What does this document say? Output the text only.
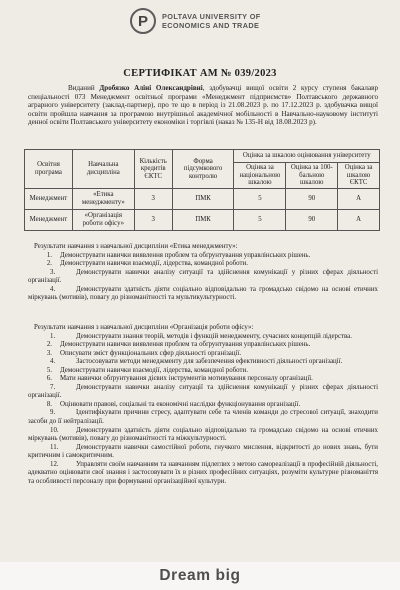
P	POLTAVA UNIVERSITY OF
ECONOMICS AND TRADE
СЕРТИФІКАТ АМ № 039/2023
Виданий Дробязко Аліні Олександрівні, здобувачці вищої освіти 2 курсу ступеня бакалавр спеціальності 073 Менеджмент освітньої програми «Менеджмент підприємств» Полтавського державного аграрного університету (заклад-партнер), про те що в період із 21.08.2023 р. по 17.12.2023 р. здобувачка вищої освіти пройшла навчання за програмою внутрішньої академічної мобільності в Навчально-науковому інституті денної освіти Полтавського університету економіки і торгівлі (наказ № 135-Н від 18.08.2023 р).
Освітня програма	Навчальна дисципліна	Кількість кредитів ЄКТС	Форма підсумкового контролю	Оцінка за шкалою оцінювання університету		
				Оцінка за національною шкалою	Оцінка за 100-бальною шкалою	Оцінка за шкалою ЄКТС
Менеджмент	«Етика менеджменту»	3	ПМК	5	90	А
Менеджмент	«Організація роботи офісу»	3	ПМК	5	90	А
Результати навчання з навчальної дисципліни «Етика менеджменту»:
1.	Демонструвати навички виявлення проблем та обґрунтування управлінських рішень.
2.	Демонструвати навички взаємодії, лідерства, командної роботи.
3.	Демонструвати навички аналізу ситуації та здійснення комунікації у різних сферах діяльності організації.
4.	Демонструвати здатність діяти соціально відповідально та громадсько свідомо на основі етичних міркувань (мотивів), повагу до різноманітності та мультикультурності.
Результати навчання з навчальної дисципліни «Організація роботи офісу»:
1.	Демонструвати знання теорій, методів і функцій менеджменту, сучасних концепцій лідерства.
2.	Демонструвати навички виявлення проблем та обґрунтування управлінських рішень.
3.	Описувати зміст функціональних сфер діяльності організації.
4.	Застосовувати методи менеджменту для забезпечення ефективності діяльності організації.
5.	Демонструвати навички взаємодії, лідерства, командної роботи.
6.	Мати навички обґрунтування дієвих інструментів мотивування персоналу організації.
7.	Демонструвати навички аналізу ситуації та здійснення комунікації у різних сферах діяльності організації.
8.	Оцінювати правові, соціальні та економічні наслідки функціонування організації.
9.	Ідентифікувати причини стресу, адаптувати себе та членів команди до стресової ситуації, знаходити засоби до її нейтралізації.
10.	Демонструвати здатність діяти соціально відповідально та громадсько свідомо на основі етичних міркувань (мотивів), повагу до різноманітності та міжкультурності.
11.	Демонструвати навички самостійної роботи, гнучкого мислення, відкритості до нових знань, бути критичним і самокритичним.
12.	Управляти своїм навчанням та навчанням підлеглих з метою самореалізації в професійній діяльності, адекватно оцінювати свої знання і застосовувати їх в різних професійних ситуаціях, розуміти культурне різноманіття та особливості персоналу при формуванні організаційної культури.
Dream big
